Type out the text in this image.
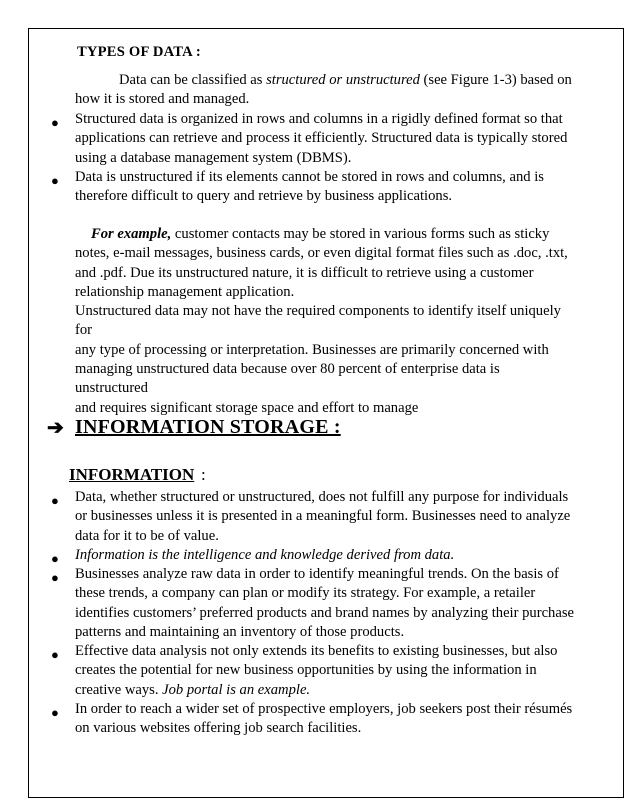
TYPES OF DATA :
Data can be classified as structured or unstructured (see Figure 1-3) based on
how it is stored and managed.
● Structured data is organized in rows and columns in a rigidly defined format so that
applications can retrieve and process it efficiently. Structured data is typically stored
using a database management system (DBMS).
● Data is unstructured if its elements cannot be stored in rows and columns, and is
therefore difficult to query and retrieve by business applications.
For example, customer contacts may be stored in various forms such as sticky
notes, e-mail messages, business cards, or even digital format files such as .doc, .txt,
and .pdf. Due its unstructured nature, it is difficult to retrieve using a customer
relationship management application.
Unstructured data may not have the required components to identify itself uniquely for
any type of processing or interpretation. Businesses are primarily concerned with
managing unstructured data because over 80 percent of enterprise data is unstructured
and requires significant storage space and effort to manage
➔ INFORMATION STORAGE :
INFORMATION :
● Data, whether structured or unstructured, does not fulfill any purpose for individuals
or businesses unless it is presented in a meaningful form. Businesses need to analyze
data for it to be of value.
● Information is the intelligence and knowledge derived from data.
● Businesses analyze raw data in order to identify meaningful trends. On the basis of
these trends, a company can plan or modify its strategy. For example, a retailer
identifies customers’ preferred products and brand names by analyzing their purchase
patterns and maintaining an inventory of those products.
● Effective data analysis not only extends its benefits to existing businesses, but also
creates the potential for new business opportunities by using the information in
creative ways. Job portal is an example.
● In order to reach a wider set of prospective employers, job seekers post their résumés
on various websites offering job search facilities.
